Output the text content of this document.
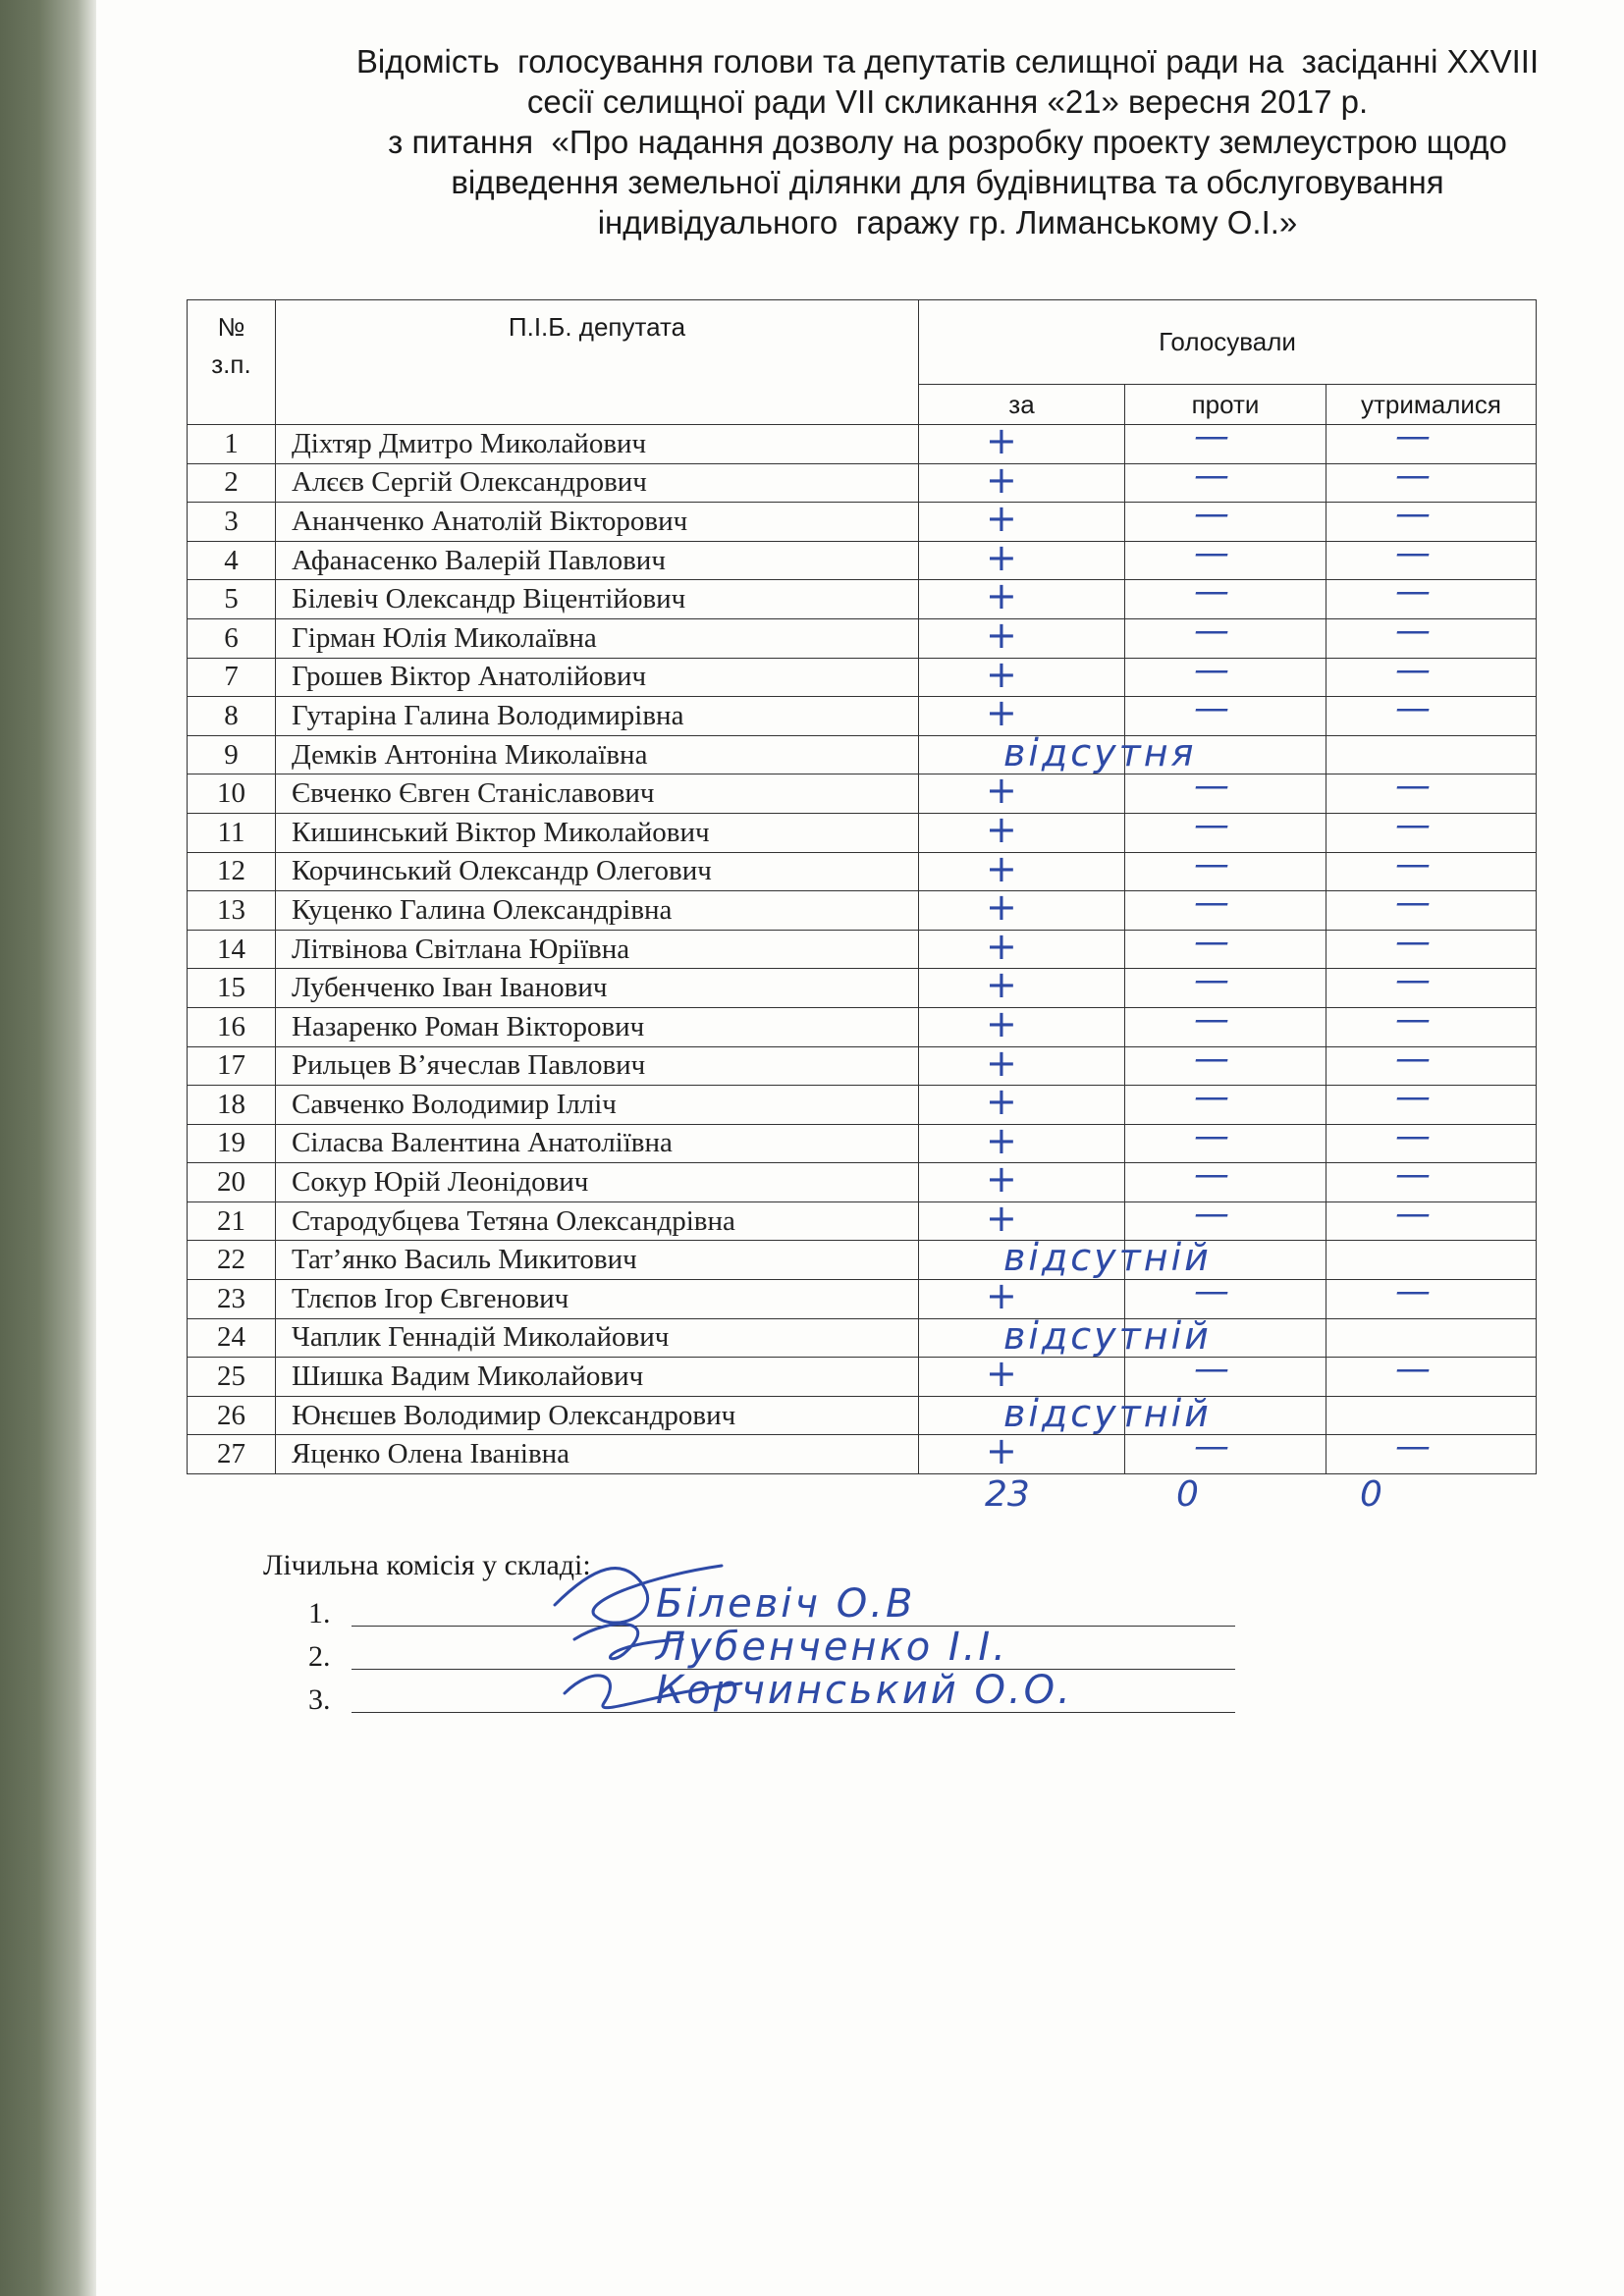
Відомість  голосування голови та депутатів селищної ради на  засіданні XXVIII
сесії селищної ради VII скликання «21» вересня 2017 р.
з питання  «Про надання дозволу на розробку проекту землеустрою щодо
відведення земельної ділянки для будівництва та обслуговування
індивідуального  гаражу гр. Лиманському О.І.»
№
з.п.	П.І.Б. депутата	Голосували		
		за	проти	утрималися
1	Діхтяр Дмитро Миколайович	+	—	—

2	Алєєв Сергій Олександрович	+	—	—

3	Ананченко Анатолій Вікторович	+	—	—

4	Афанасенко Валерій Павлович	+	—	—

5	Білевіч Олександр Віцентійович	+	—	—

6	Гірман Юлія Миколаївна	+	—	—

7	Грошев Віктор Анатолійович	+	—	—

8	Гутаріна Галина Володимирівна	+	—	—

9	Демків Антоніна Миколаївна	відсутня		

10	Євченко Євген Станіславович	+	—	—

11	Кишинський Віктор Миколайович	+	—	—

12	Корчинський Олександр Олегович	+	—	—

13	Куценко Галина Олександрівна	+	—	—

14	Літвінова Світлана Юріївна	+	—	—

15	Лубенченко Іван Іванович	+	—	—

16	Назаренко Роман Вікторович	+	—	—

17	Рильцев В’ячеслав Павлович	+	—	—

18	Савченко Володимир Ілліч	+	—	—

19	Сіласва Валентина Анатоліївна	+	—	—

20	Сокур Юрій Леонідович	+	—	—

21	Стародубцева Тетяна Олександрівна	+	—	—

22	Тат’янко Василь Микитович	відсутній		

23	Тлєпов Ігор Євгенович	+	—	—

24	Чаплик Геннадій Миколайович	відсутній		

25	Шишка Вадим Миколайович	+	—	—

26	Юнєшев Володимир Олександрович	відсутній		

27	Яценко Олена Іванівна	+	—	—
23	0	0
Лічильна комісія у складі:
1.	Білевіч О.В
2.	Лубенченко І.І.
3.	Корчинський О.О.
